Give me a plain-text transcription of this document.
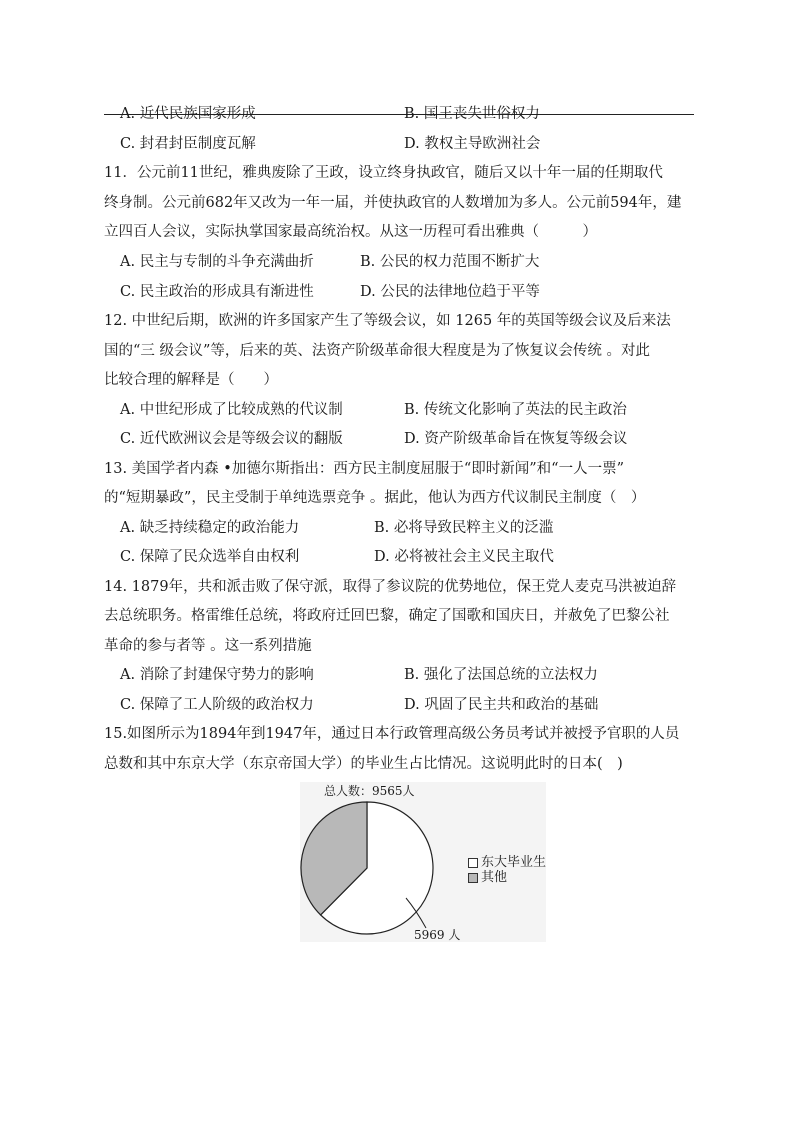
A. 近代民族国家形成	B. 国王丧失世俗权力
C. 封君封臣制度瓦解	D. 教权主导欧洲社会
11．公元前11世纪，雅典废除了王政，设立终身执政官，随后又以十年一届的任期取代
终身制。公元前682年又改为一年一届，并使执政官的人数增加为多人。公元前594年，建
立四百人会议，实际执掌国家最高统治权。从这一历程可看出雅典（　　　）
A. 民主与专制的斗争充满曲折	B. 公民的权力范围不断扩大
C. 民主政治的形成具有渐进性	D. 公民的法律地位趋于平等
12. 中世纪后期，欧洲的许多国家产生了等级会议，如 1265 年的英国等级会议及后来法
国的“三 级会议”等，后来的英、法资产阶级革命很大程度是为了恢复议会传统 。对此
比较合理的解释是（　　）
A. 中世纪形成了比较成熟的代议制	B. 传统文化影响了英法的民主政治
C. 近代欧洲议会是等级会议的翻版	D. 资产阶级革命旨在恢复等级会议
13. 美国学者内森 •加德尔斯指出：西方民主制度屈服于“即时新闻”和“一人一票”
的“短期暴政”，民主受制于单纯选票竞争 。据此，他认为西方代议制民主制度（　）
A. 缺乏持续稳定的政治能力	B. 必将导致民粹主义的泛滥
C. 保障了民众选举自由权利	D. 必将被社会主义民主取代
14. 1879年，共和派击败了保守派，取得了参议院的优势地位，保王党人麦克马洪被迫辞
去总统职务。格雷维任总统，将政府迁回巴黎，确定了国歌和国庆日，并赦免了巴黎公社
革命的参与者等 。这一系列措施
A. 消除了封建保守势力的影响	B. 强化了法国总统的立法权力
C. 保障了工人阶级的政治权力	D. 巩固了民主共和政治的基础
15.如图所示为1894年到1947年，通过日本行政管理高级公务员考试并被授予官职的人员
总数和其中东京大学（东京帝国大学）的毕业生占比情况。这说明此时的日本(　)
总人数：9565人
东大毕业生
其他
5969 人
